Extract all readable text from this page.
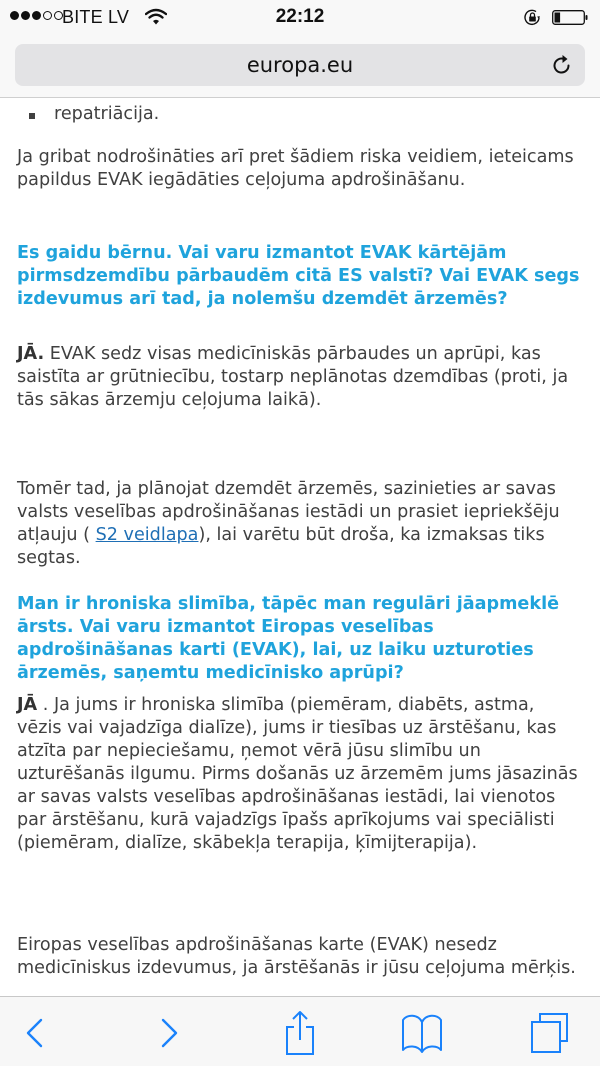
BITE LV	22:12
europa.eu
repatriācija.

Ja gribat nodrošināties arī pret šādiem riska veidiem, ieteicams papildus EVAK iegādāties ceļojuma apdrošināšanu.

Es gaidu bērnu. Vai varu izmantot EVAK kārtējām pirmsdzemdību pārbaudēm citā ES valstī? Vai EVAK segs izdevumus arī tad, ja nolemšu dzemdēt ārzemēs?

JĀ. EVAK sedz visas medicīniskās pārbaudes un aprūpi, kas saistīta ar grūtniecību, tostarp neplānotas dzemdības (proti, ja tās sākas ārzemju ceļojuma laikā).

Tomēr tad, ja plānojat dzemdēt ārzemēs, sazinieties ar savas valsts veselības apdrošināšanas iestādi un prasiet iepriekšēju atļauju ( S2 veidlapa), lai varētu būt droša, ka izmaksas tiks segtas.

Man ir hroniska slimība, tāpēc man regulāri jāapmeklē ārsts. Vai varu izmantot Eiropas veselības apdrošināšanas karti (EVAK), lai, uz laiku uzturoties ārzemēs, saņemtu medicīnisko aprūpi?

JĀ . Ja jums ir hroniska slimība (piemēram, diabēts, astma, vēzis vai vajadzīga dialīze), jums ir tiesības uz ārstēšanu, kas atzīta par nepieciešamu, ņemot vērā jūsu slimību un uzturēšanās ilgumu. Pirms došanās uz ārzemēm jums jāsazinās ar savas valsts veselības apdrošināšanas iestādi, lai vienotos par ārstēšanu, kurā vajadzīgs īpašs aprīkojums vai speciālisti (piemēram, dialīze, skābekļa terapija, ķīmijterapija).

Eiropas veselības apdrošināšanas karte (EVAK) nesedz medicīniskus izdevumus, ja ārstēšanās ir jūsu ceļojuma mērķis.
